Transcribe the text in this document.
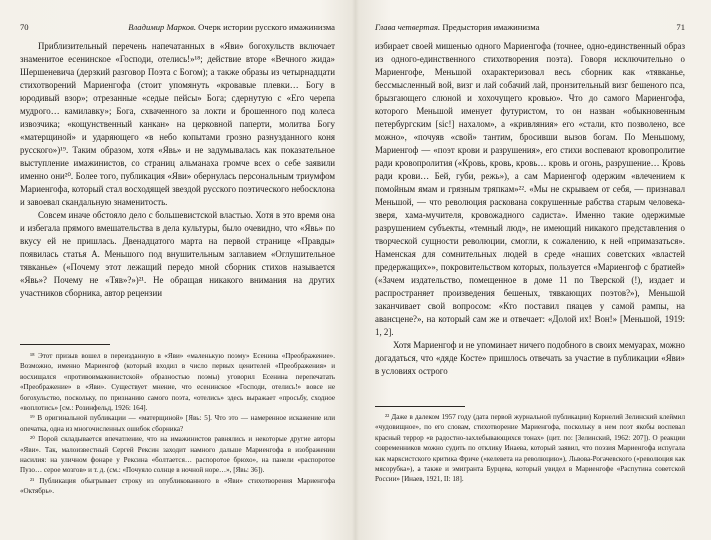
70	Владимир Марков. Очерк истории русского имажинизма

Приблизительный перечень напечатанных в «Яви» богохульств включает знаменитое есенинское «Господи, отелись!»¹⁸; действие вторе «Вечного жида» Шершеневича (дерзкий разговор Поэта с Богом); а также образы из четырнадцати стихотворений Мариенгофа (стоит упомянуть «кровавые плевки… Богу в юродивый взор»; отрезанные «седые пейсы» Бога; сдернутую с «Его черепа мудрого… камилавку»; Бога, схваченного за локти и брошенного под колеса извозчика; «кощунственный канкан» на церковной паперти, молитва Богу «матерщиной» и ударяющего «в небо копытами грозно разнузданного коня русского»)¹⁹. Таким образом, хотя «Явь» и не задумывалась как показательное выступление имажинистов, со страниц альманаха громче всех о себе заявили именно они²⁰. Более того, публикация «Яви» обернулась персональным триумфом Мариенгофа, который стал восходящей звездой русского поэтического небосклона и завоевал скандальную знаменитость.

Совсем иначе обстояло дело с большевистской властью. Хотя в это время она и избегала прямого вмешательства в дела культуры, было очевидно, что «Явь» по вкусу ей не пришлась. Двенадцатого марта на первой странице «Правды» появилась статья А. Меньшого под внушительным заглавием «Оглушительное тявканье» («Почему этот лежащий передо мной сборник стихов называется «Явь»? Почему не «Тяв»?»)²¹. Не обращая никакого внимания на других участников сборника, автор рецензии

¹⁸ Этот призыв вошел в переизданную в «Яви» «маленькую поэму» Есенина «Преображение». Возможно, именно Мариенгоф (который входил в число первых ценителей «Преображения» и восхищался «противоимажинистской» образностью поэмы) уговорил Есенина перепечатать «Преображение» в «Яви». Существует мнение, что есенинское «Господи, отелись!» вовсе не богохульство, поскольку, по признанию самого поэта, «отелись» здесь выражает «просьбу, сходное «воплотись» [см.: Розинфельд, 1926: 164].

¹⁹ В оригинальной публикации — «матерщиной» [Явь: 5]. Что это — намеренное искажение или опечатка, одна из многочисленных ошибок сборника?

²⁰ Порой складывается впечатление, что на имажинистов равнялись и некоторые другие авторы «Яви». Так, малоизвестный Сергей Рексин заходит намного дальше Мариенгофа в изображении насилия: на уличном фонаре у Рексина «болтается… распоротое брюхо», на панели «распоротое Пузо… серое мозгов» и т. д. (см.: «Почуяло солнце в ночной норе…», [Явь: 36]).

²¹ Публикация обыгрывает строку из опубликованного в «Яви» стихотворения Мариенгофа «Октябрь».

Глава четвертая. Предыстория имажинизма	71

избирает своей мишенью одного Мариенгофа (точнее, одно-единственный образ из одного-единственного стихотворения поэта). Говоря исключительно о Мариенгофе, Меньшой охарактеризовал весь сборник как «тявканье, бессмысленный вой, визг и лай собачий лай, пронзительный визг бешеного пса, брызгающего слюной и хохочущего кровью». Что до самого Мариенгофа, которого Меньшой именует футуристом, то он назван «обыкновенным петербургским [sic!] нахалом», а «кривляния» его «стали, кто позволено, все можно», «почуяв «свой» тантим, бросивши вызов богам. По Меньшому, Мариенгоф — «поэт крови и разрушения», его стихи воспевают кровопролитие ради кровопролития («Кровь, кровь, кровь… кровь и огонь, разрушение… Кровь ради крови… Бей, губи, режь»), а сам Мариенгоф одержим «влечением к помойным ямам и грязным тряпкам»²². «Мы не скрываем от себя, — признавал Меньшой, — что революция раскована сокрушенные рабства старым человека-зверя, хама-мучителя, кровожадного садиста». Именно такие одержимые разрушением субъекты, «темный люд», не имеющий никакого представления о творческой сущности революции, смогли, к сожалению, к ней «примазаться». Наменская для сомнительных людей в среде «наших советских «властей предержащих»», покровительством которых, пользуется «Мариенгоф с братией» («Зачем издательство, помещенное в доме 11 по Тверской (!), издает и распространяет произведения бешеных, тявкающих поэтов?»), Меньшой заканчивает свой вопросом: «Кто поставил пяацев у самой рампы, на авансцене?», на который сам же и отвечает: «Долой их! Вон!» [Меньшой, 1919: 1, 2].

Хотя Мариенгоф и не упоминает ничего подобного в своих мемуарах, можно догадаться, что «дяде Косте» пришлось отвечать за участие в публикации «Яви» в условиях острого

²² Даже в далеком 1957 году (дата первой журнальной публикации) Корнелий Зелинский клеймил «чудовищное», по его словам, стихотворение Мариенгофа, поскольку в нем поэт якобы воспевал красный террор «в радостно-захлебывающихся тонах» (цит. по: [Зелинский, 1962: 207]). О реакции современников можно судить по отклику Инаева, который заявил, что поэзия Мариенгофа испугала как марксистского критика Фриче («келевета на революцию»), Львова-Рогачевского («революция как мясорубка»), а также и эмигранта Бурцева, который увидел в Мариенгофе «Распутина советской России» [Инаев, 1921, II: 18].
